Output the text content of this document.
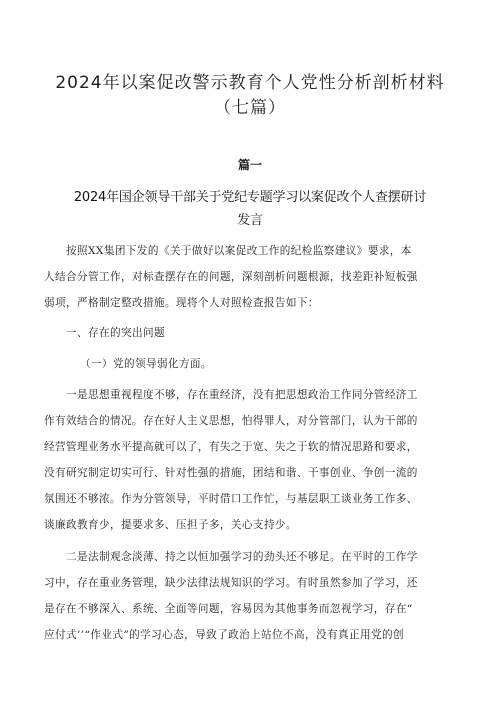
2024年以案促改警示教育个人党性分析剖析材料
（七篇）
篇一
2024年国企领导干部关于党纪专题学习以案促改个人查摆研讨
发言
按照XX集团下发的《关于做好以案促改工作的纪检监察建议》要求，本
人结合分管工作，对标查摆存在的问题，深刻剖析问题根源，找差距补短板强
弱项，严格制定整改措施。现将个人对照检查报告如下：
一、存在的突出问题
（一）党的领导弱化方面。
一是思想重视程度不够，存在重经济，没有把思想政治工作同分管经济工
作有效结合的情况。存在好人主义思想，怕得罪人，对分管部门，认为干部的
经营管理业务水平提高就可以了，有失之于宽、失之于软的情况思路和要求，
没有研究制定切实可行、针对性强的措施，团结和谐、干事创业、争创一流的
氛围还不够浓。作为分管领导，平时借口工作忙，与基层职工谈业务工作多、
谈廉政教育少，提要求多、压担子多，关心支持少。
二是法制观念淡薄、持之以恒加强学习的劲头还不够足。在平时的工作学
习中，存在重业务管理，缺少法律法规知识的学习。有时虽然参加了学习，还
是存在不够深入、系统、全面等问题，容易因为其他事务而忽视学习，存在“
应付式’’“作业式”的学习心态，导致了政治上站位不高，没有真正用党的创
